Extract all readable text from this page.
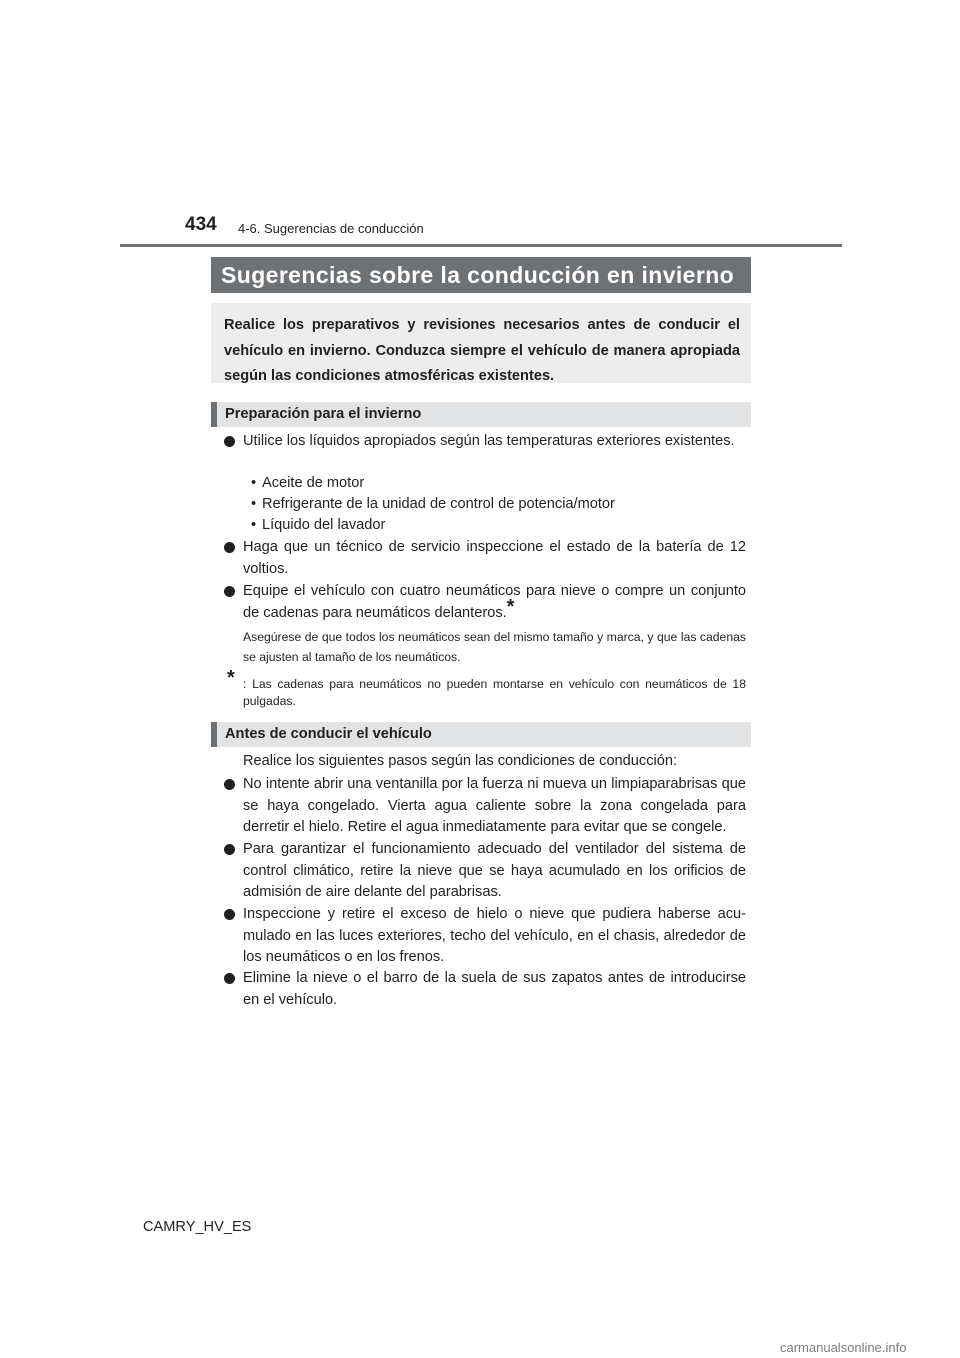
434 4-6. Sugerencias de conducción
Sugerencias sobre la conducción en invierno
Realice los preparativos y revisiones necesarios antes de conducir el vehículo en invierno. Conduzca siempre el vehículo de manera apropiada según las condiciones atmosféricas existentes.
Preparación para el invierno
Utilice los líquidos apropiados según las temperaturas exteriores existentes.
• Aceite de motor
• Refrigerante de la unidad de control de potencia/motor
• Líquido del lavador
Haga que un técnico de servicio inspeccione el estado de la batería de 12 voltios.
Equipe el vehículo con cuatro neumáticos para nieve o compre un conjunto de cadenas para neumáticos delanteros.*
Asegúrese de que todos los neumáticos sean del mismo tamaño y marca, y que las cadenas se ajusten al tamaño de los neumáticos.
* : Las cadenas para neumáticos no pueden montarse en vehículo con neumáticos de 18 pulgadas.
Antes de conducir el vehículo
Realice los siguientes pasos según las condiciones de conducción:
No intente abrir una ventanilla por la fuerza ni mueva un limpiaparabrisas que se haya congelado. Vierta agua caliente sobre la zona congelada para derretir el hielo. Retire el agua inmediatamente para evitar que se congele.
Para garantizar el funcionamiento adecuado del ventilador del sistema de control climático, retire la nieve que se haya acumulado en los orificios de admisión de aire delante del parabrisas.
Inspeccione y retire el exceso de hielo o nieve que pudiera haberse acumulado en las luces exteriores, techo del vehículo, en el chasis, alrededor de los neumáticos o en los frenos.
Elimine la nieve o el barro de la suela de sus zapatos antes de introducirse en el vehículo.
CAMRY_HV_ES
carmanualsonline.info
